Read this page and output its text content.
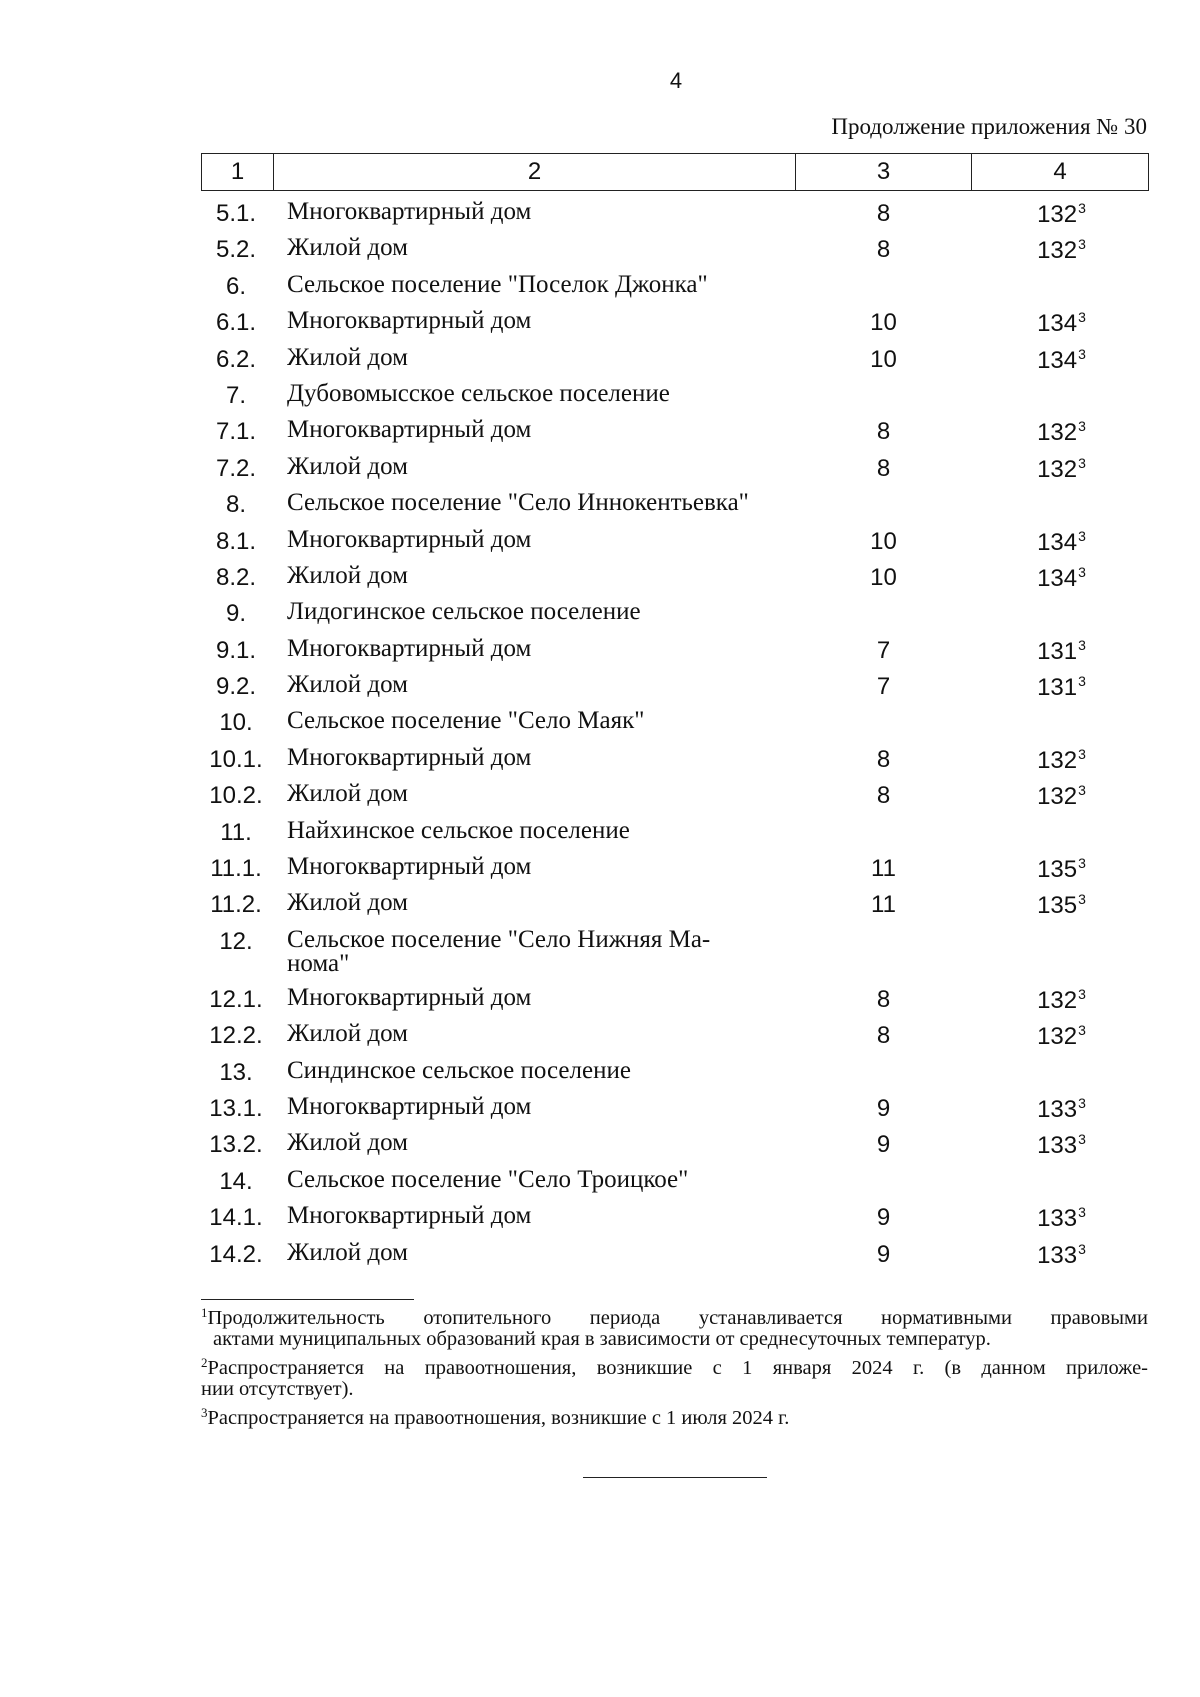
4
Продолжение приложения № 30
1	2	3	4
5.1.	Многоквартирный дом	8	$132^3$
5.2.	Жилой дом	8	$132^3$
6.	Сельское поселение "Поселок Джонка"
6.1.	Многоквартирный дом	10	$134^3$
6.2.	Жилой дом	10	$134^3$
7.	Дубовомысское сельское поселение
7.1.	Многоквартирный дом	8	$132^3$
7.2.	Жилой дом	8	$132^3$
8.	Сельское поселение "Село Иннокентьевка"
8.1.	Многоквартирный дом	10	$134^3$
8.2.	Жилой дом	10	$134^3$
9.	Лидогинское сельское поселение
9.1.	Многоквартирный дом	7	$131^3$
9.2.	Жилой дом	7	$131^3$
10.	Сельское поселение "Село Маяк"
10.1. Многоквартирный дом	8	$132^3$
10.2. Жилой дом	8	$132^3$
11.	Найхинское сельское поселение
11.1.	Многоквартирный дом	11	$135^3$
11.2.	Жилой дом	11	$135^3$
12.	Сельское поселение "Село Нижняя Ма-
нома"
12.1. Многоквартирный дом	8	$132^3$
12.2. Жилой дом	8	$132^3$
13.	Синдинское сельское поселение
13.1. Многоквартирный дом	9	$133^3$
13.2. Жилой дом	9	$133^3$
14.	Сельское поселение "Село Троицкое"
14.1. Многоквартирный дом	9	$133^3$
14.2. Жилой дом	9	$133^3$
$^1$Продолжительность отопительного периода устанавливается нормативными правовыми
актами муниципальных образований края в зависимости от среднесуточных температур.
$^2$Распространяется на правоотношения, возникшие с 1 января 2024 г. (в данном приложе-
нии отсутствует).
$^3$Распространяется на правоотношения, возникшие с 1 июля 2024 г.
